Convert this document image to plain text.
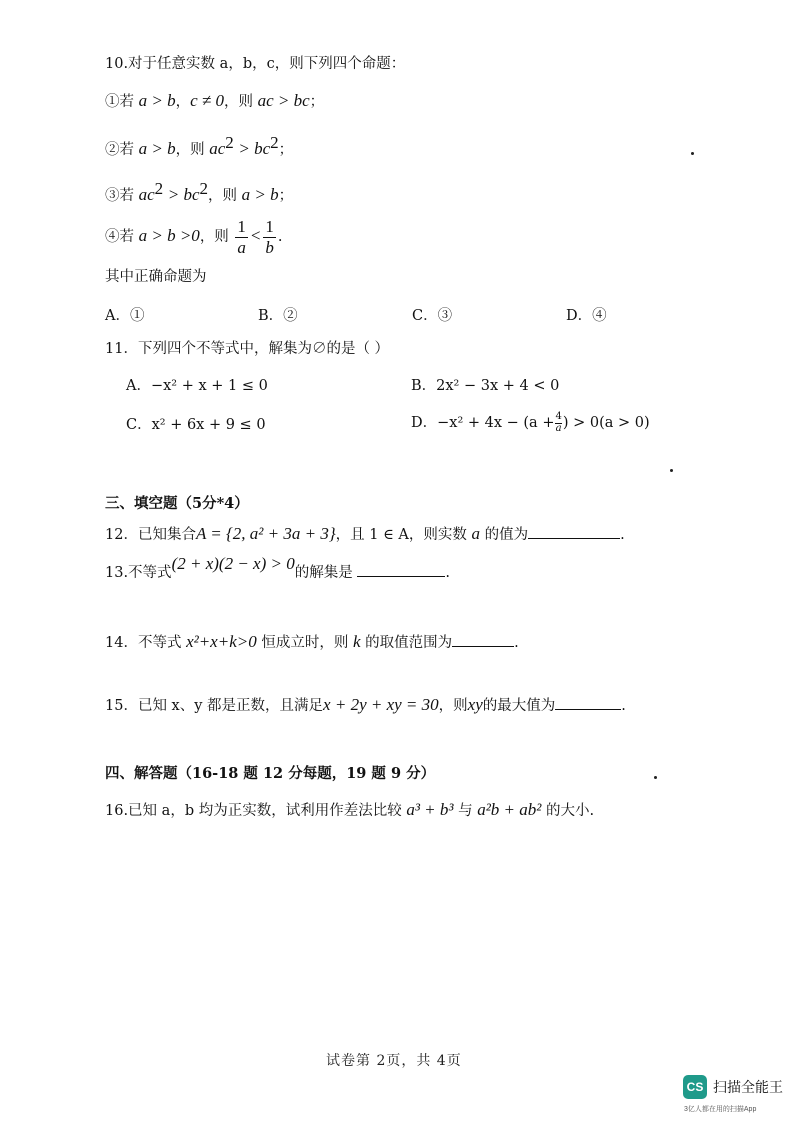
10.对于任意实数 a，b，c，则下列四个命题：
①若 a > b，c ≠ 0，则 ac > bc；
②若 a > b，则 $ac^2 > bc^2$；
③若 $ac^2 > bc^2$，则 a > b；
④若 a > b >0，则 $\frac{1}{a} < \frac{1}{b}$ .
其中正确命题为
A．①	B．②	C．③	D．④
11．下列四个不等式中，解集为∅的是（ ）
A．−x² + x + 1 ≤ 0	B．2x² − 3x + 4 < 0
C．x² + 6x + 9 ≤ 0	D．$-x^2 + 4x - (a + \frac{4}{a}$ ) > 0(a > 0)
三、填空题（5分*4）
12．已知集合A = {2, a² + 3a + 3}，且 1 ∈ A，则实数 a 的值为	.
13.不等式(2 + x)(2 − x) > 0的解集是	.
14．不等式 x²+x+k>0 恒成立时，则 k 的取值范围为	.
15．已知 x、y 都是正数，且满足x + 2y + xy = 30，则xy的最大值为	.
四、解答题（16-18 题 12 分每题，19 题 9 分）
16.已知 a，b 均为正实数，试利用作差法比较 a³ + b³ 与 a²b + ab² 的大小.
试卷第 2页，共 4页
CS 扫描全能王
3亿人都在用的扫描App
